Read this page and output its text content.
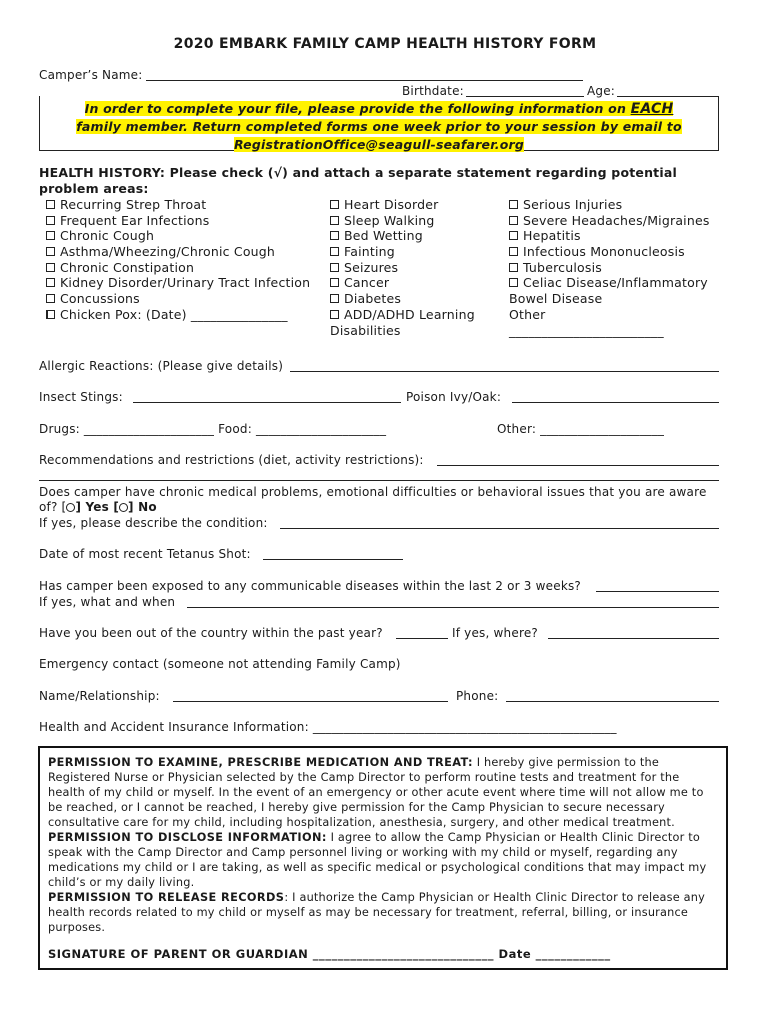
2020 EMBARK FAMILY CAMP HEALTH HISTORY FORM
Camper’s Name:
Birthdate:	Age:
In order to complete your file, please provide the following information on EACH
family member. Return completed forms one week prior to your session by email to
RegistrationOffice@seagull-seafarer.org
HEALTH HISTORY: Please check (√) and attach a separate statement regarding potential problem areas:
Recurring Strep Throat
Frequent Ear Infections
Chronic Cough
Asthma/Wheezing/Chronic Cough
Chronic Constipation
Kidney Disorder/Urinary Tract Infection
Concussions
Chicken Pox: (Date) _______________
Heart Disorder
Sleep Walking
Bed Wetting
Fainting
Seizures
Cancer
Diabetes
ADD/ADHD Learning
Disabilities
Serious Injuries
Severe Headaches/Migraines
Hepatitis
Infectious Mononucleosis
Tuberculosis
Celiac Disease/Inflammatory
Bowel Disease
Other
________________________
Allergic Reactions: (Please give details)
Insect Stings:	Poison Ivy/Oak:
Drugs: _____________________ Food: _____________________	Other: ____________________
Recommendations and restrictions (diet, activity restrictions):
Does camper have chronic medical problems, emotional difficulties or behavioral issues that you are aware
of? [ ] Yes [ ] No
If yes, please describe the condition:
Date of most recent Tetanus Shot:
Has camper been exposed to any communicable diseases within the last 2 or 3 weeks?
If yes, what and when
Have you been out of the country within the past year?	If yes, where?
Emergency contact (someone not attending Family Camp)
Name/Relationship:	Phone:
Health and Accident Insurance Information: _________________________________________________
PERMISSION TO EXAMINE, PRESCRIBE MEDICATION AND TREAT: I hereby give permission to the Registered Nurse or Physician selected by the Camp Director to perform routine tests and treatment for the health of my child or myself. In the event of an emergency or other acute event where time will not allow me to be reached, or I cannot be reached, I hereby give permission for the Camp Physician to secure necessary consultative care for my child, including hospitalization, anesthesia, surgery, and other medical treatment.
PERMISSION TO DISCLOSE INFORMATION: I agree to allow the Camp Physician or Health Clinic Director to speak with the Camp Director and Camp personnel living or working with my child or myself, regarding any medications my child or I are taking, as well as specific medical or psychological conditions that may impact my child’s or my daily living.
PERMISSION TO RELEASE RECORDS: I authorize the Camp Physician or Health Clinic Director to release any health records related to my child or myself as may be necessary for treatment, referral, billing, or insurance purposes.
SIGNATURE OF PARENT OR GUARDIAN _____________________________ Date ____________
